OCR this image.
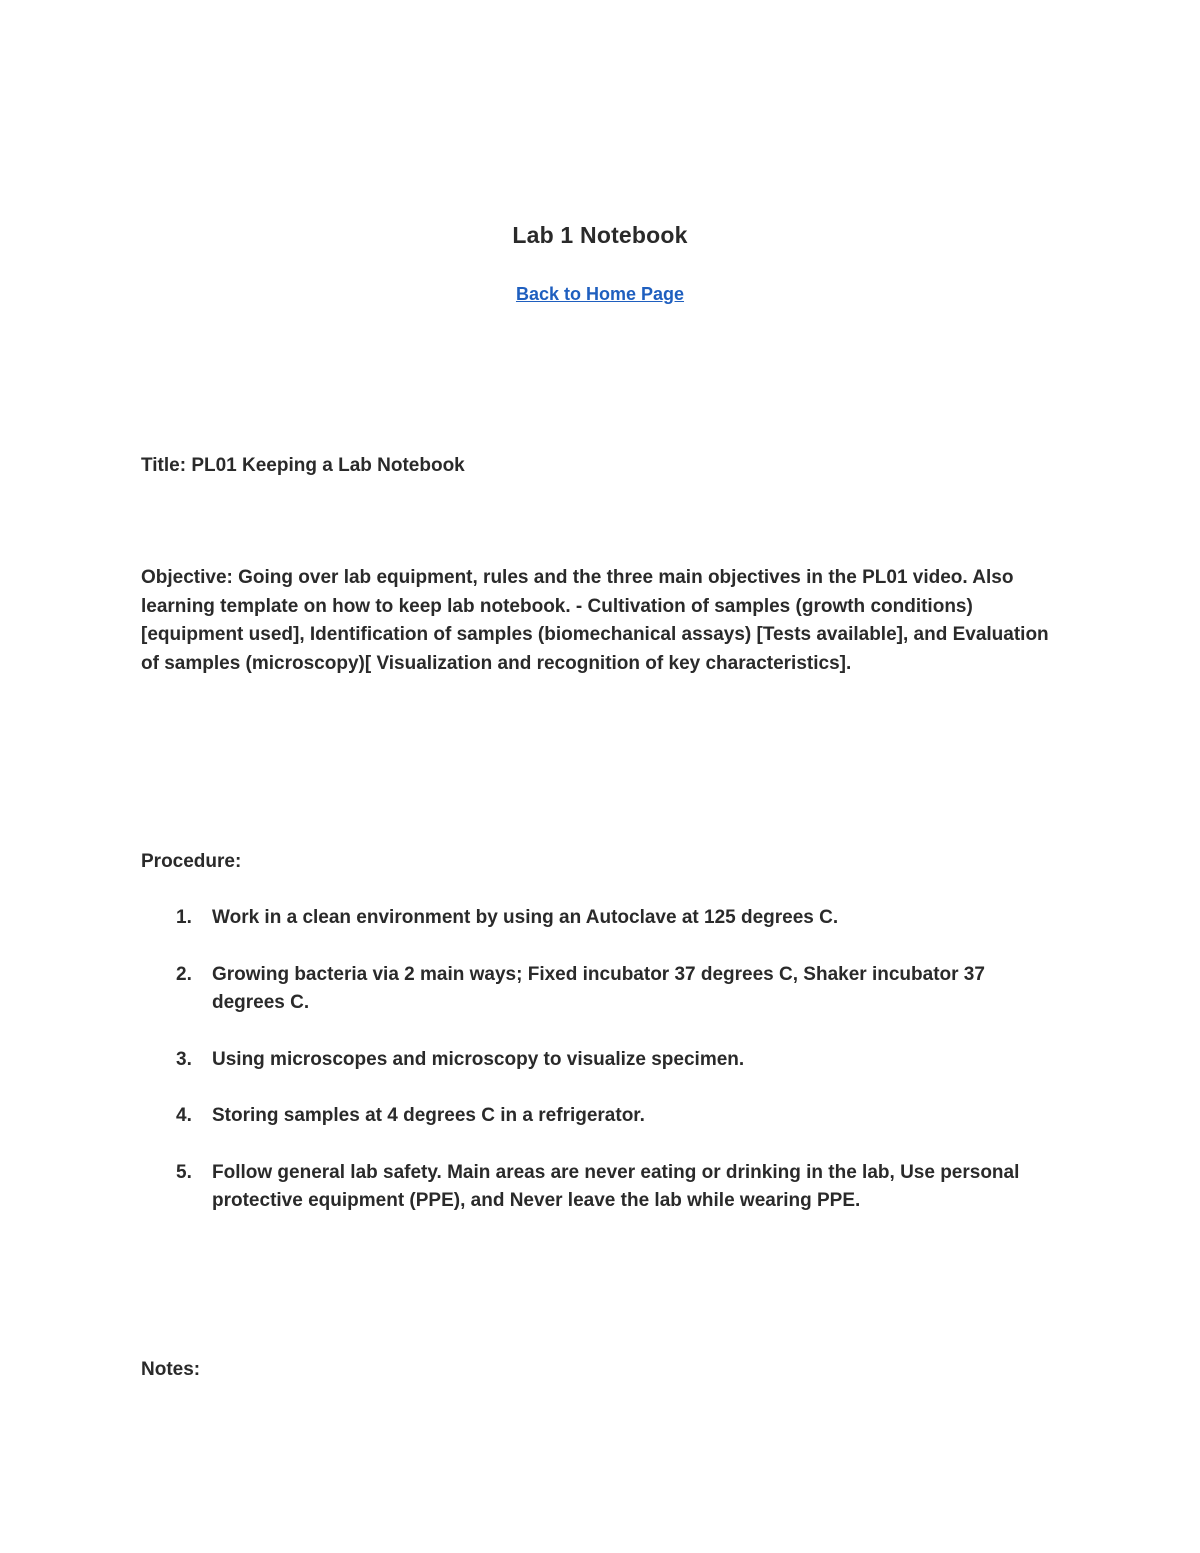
Lab 1 Notebook

Back to Home Page

Title: PL01 Keeping a Lab Notebook

Objective: Going over lab equipment, rules and the three main objectives in the PL01 video. Also learning template on how to keep lab notebook. - Cultivation of samples (growth conditions) [equipment used], Identification of samples (biomechanical assays) [Tests available], and Evaluation of samples (microscopy)[ Visualization and recognition of key characteristics].

Procedure:

1. Work in a clean environment by using an Autoclave at 125 degrees C.
2. Growing bacteria via 2 main ways; Fixed incubator 37 degrees C, Shaker incubator 37 degrees C.
3. Using microscopes and microscopy to visualize specimen.
4. Storing samples at 4 degrees C in a refrigerator.
5. Follow general lab safety. Main areas are never eating or drinking in the lab, Use personal protective equipment (PPE), and Never leave the lab while wearing PPE.

Notes:
